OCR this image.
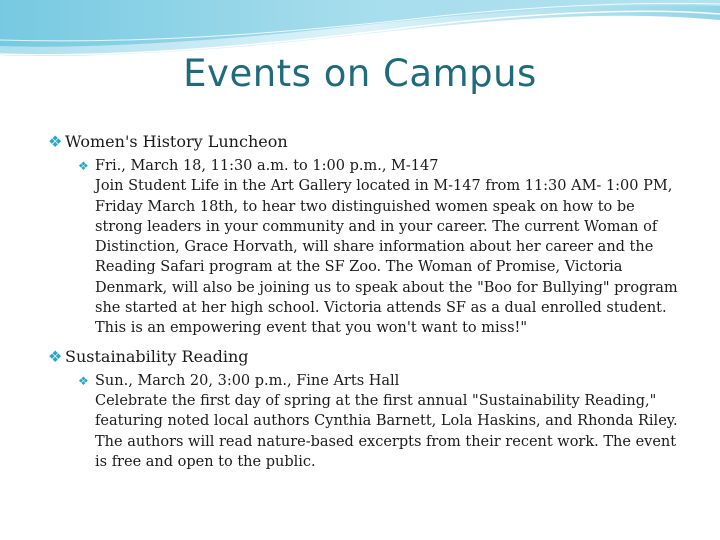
Events on Campus
❖ Women's History Luncheon
❖ Fri., March 18, 11:30 a.m. to 1:00 p.m., M-147
Join Student Life in the Art Gallery located in M-147 from 11:30 AM- 1:00 PM,
Friday March 18th, to hear two distinguished women speak on how to be
strong leaders in your community and in your career. The current Woman of
Distinction, Grace Horvath, will share information about her career and the
Reading Safari program at the SF Zoo. The Woman of Promise, Victoria
Denmark, will also be joining us to speak about the "Boo for Bullying" program
she started at her high school. Victoria attends SF as a dual enrolled student.
This is an empowering event that you won't want to miss!"
❖ Sustainability Reading
❖ Sun., March 20, 3:00 p.m., Fine Arts Hall
Celebrate the first day of spring at the first annual "Sustainability Reading,"
featuring noted local authors Cynthia Barnett, Lola Haskins, and Rhonda Riley.
The authors will read nature-based excerpts from their recent work. The event
is free and open to the public.
